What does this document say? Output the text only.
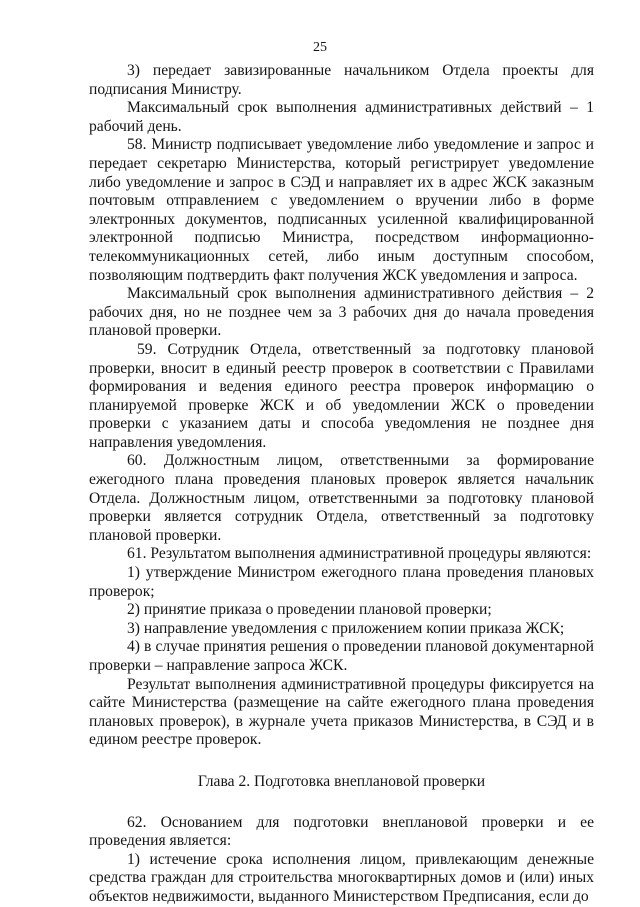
25

3) передает завизированные начальником Отдела проекты для подписания Министру.

Максимальный срок выполнения административных действий – 1 рабочий день.

58. Министр подписывает уведомление либо уведомление и запрос и передает секретарю Министерства, который регистрирует уведомление либо уведомление и запрос в СЭД и направляет их в адрес ЖСК заказным почтовым отправлением с уведомлением о вручении либо в форме электронных документов, подписанных усиленной квалифицированной электронной подписью Министра, посредством информационно-телекоммуникационных сетей, либо иным доступным способом, позволяющим подтвердить факт получения ЖСК уведомления и запроса.

Максимальный срок выполнения административного действия – 2 рабочих дня, но не позднее чем за 3 рабочих дня до начала проведения плановой проверки.

59. Сотрудник Отдела, ответственный за подготовку плановой проверки, вносит в единый реестр проверок в соответствии с Правилами формирования и ведения единого реестра проверок информацию о планируемой проверке ЖСК и об уведомлении ЖСК о проведении проверки с указанием даты и способа уведомления не позднее дня направления уведомления.

60. Должностным лицом, ответственными за формирование ежегодного плана проведения плановых проверок является начальник Отдела. Должностным лицом, ответственными за подготовку плановой проверки является сотрудник Отдела, ответственный за подготовку плановой проверки.

61. Результатом выполнения административной процедуры являются:

1) утверждение Министром ежегодного плана проведения плановых проверок;

2) принятие приказа о проведении плановой проверки;

3) направление уведомления с приложением копии приказа ЖСК;

4) в случае принятия решения о проведении плановой документарной проверки – направление запроса ЖСК.

Результат выполнения административной процедуры фиксируется на сайте Министерства (размещение на сайте ежегодного плана проведения плановых проверок), в журнале учета приказов Министерства, в СЭД и в едином реестре проверок.

Глава 2. Подготовка внеплановой проверки

62. Основанием для подготовки внеплановой проверки и ее проведения является:

1) истечение срока исполнения лицом, привлекающим денежные средства граждан для строительства многоквартирных домов и (или) иных объектов недвижимости, выданного Министерством Предписания, если до
